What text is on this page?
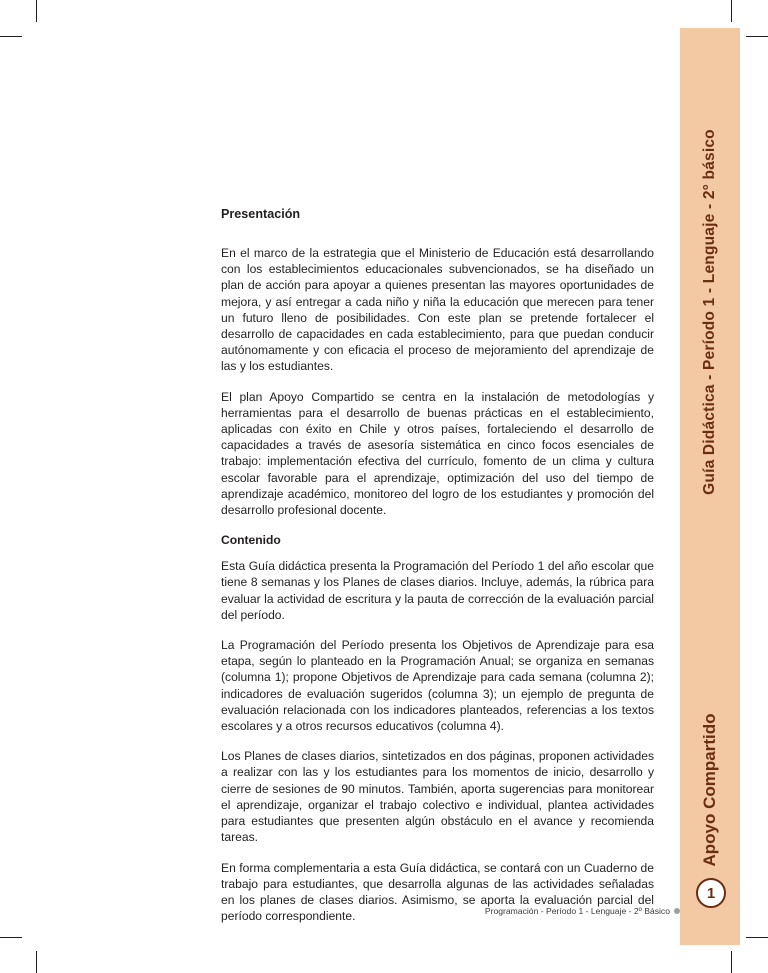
Guía Didáctica - Período 1 - Lenguaje - 2° básico
Apoyo Compartido
1
Presentación

En el marco de la estrategia que el Ministerio de Educación está desarrollando con los establecimientos educacionales subvencionados, se ha diseñado un plan de acción para apoyar a quienes presentan las mayores oportunidades de mejora, y así entregar a cada niño y niña la educación que merecen para tener un futuro lleno de posibilidades. Con este plan se pretende fortalecer el desarrollo de capacidades en cada establecimiento, para que puedan conducir autónomamente y con eficacia el proceso de mejoramiento del aprendizaje de las y los estudiantes.

El plan Apoyo Compartido se centra en la instalación de metodologías y herramientas para el desarrollo de buenas prácticas en el establecimiento, aplicadas con éxito en Chile y otros países, fortaleciendo el desarrollo de capacidades a través de asesoría sistemática en cinco focos esenciales de trabajo: implementación efectiva del currículo, fomento de un clima y cultura escolar favorable para el aprendizaje, optimización del uso del tiempo de aprendizaje académico, monitoreo del logro de los estudiantes y promoción del desarrollo profesional docente.

Contenido

Esta Guía didáctica presenta la Programación del Período 1 del año escolar que tiene 8 semanas y los Planes de clases diarios. Incluye, además, la rúbrica para evaluar la actividad de escritura y la pauta de corrección de la evaluación parcial del período.

La Programación del Período presenta los Objetivos de Aprendizaje para esa etapa, según lo planteado en la Programación Anual; se organiza en semanas (columna 1); propone Objetivos de Aprendizaje para cada semana (columna 2); indicadores de evaluación sugeridos (columna 3); un ejemplo de pregunta de evaluación relacionada con los indicadores planteados, referencias a los textos escolares y a otros recursos educativos (columna 4).

Los Planes de clases diarios, sintetizados en dos páginas, proponen actividades a realizar con las y los estudiantes para los momentos de inicio, desarrollo y cierre de sesiones de 90 minutos. También, aporta sugerencias para monitorear el aprendizaje, organizar el trabajo colectivo e individual, plantea actividades para estudiantes que presenten algún obstáculo en el avance y recomienda tareas.

En forma complementaria a esta Guía didáctica, se contará con un Cuaderno de trabajo para estudiantes, que desarrolla algunas de las actividades señaladas en los planes de clases diarios. Asimismo, se aporta la evaluación parcial del período correspondiente.	Programación - Período 1 - Lenguaje - 2º Básico
